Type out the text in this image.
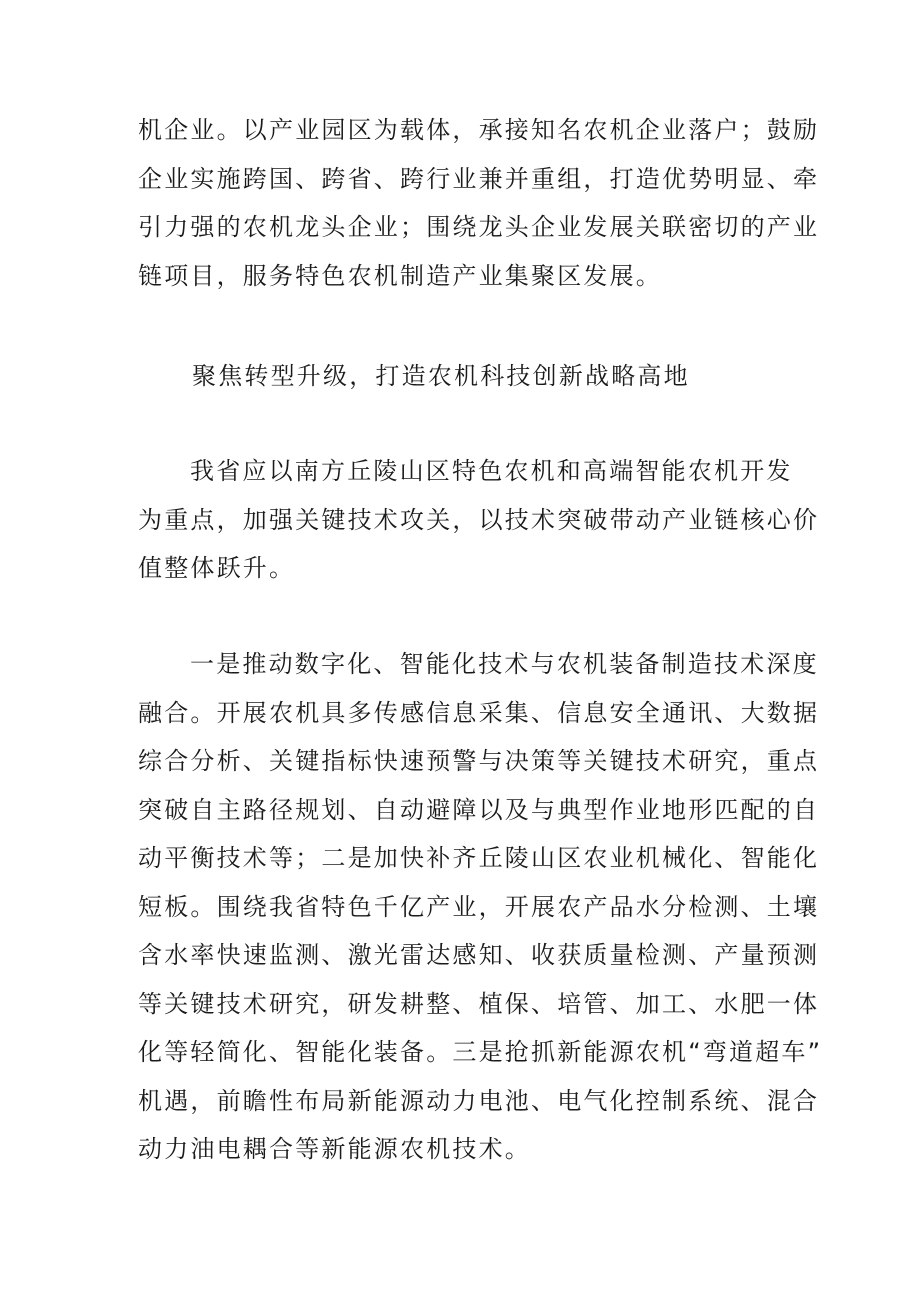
机企业。以产业园区为载体，承接知名农机企业落户；鼓励
企业实施跨国、跨省、跨行业兼并重组，打造优势明显、牵
引力强的农机龙头企业；围绕龙头企业发展关联密切的产业
链项目，服务特色农机制造产业集聚区发展。
聚焦转型升级，打造农机科技创新战略高地
我省应以南方丘陵山区特色农机和高端智能农机开发
为重点，加强关键技术攻关，以技术突破带动产业链核心价
值整体跃升。
一是推动数字化、智能化技术与农机装备制造技术深度
融合。开展农机具多传感信息采集、信息安全通讯、大数据
综合分析、关键指标快速预警与决策等关键技术研究，重点
突破自主路径规划、自动避障以及与典型作业地形匹配的自
动平衡技术等；二是加快补齐丘陵山区农业机械化、智能化
短板。围绕我省特色千亿产业，开展农产品水分检测、土壤
含水率快速监测、激光雷达感知、收获质量检测、产量预测
等关键技术研究，研发耕整、植保、培管、加工、水肥一体
化等轻简化、智能化装备。三是抢抓新能源农机“弯道超车”
机遇，前瞻性布局新能源动力电池、电气化控制系统、混合
动力油电耦合等新能源农机技术。
